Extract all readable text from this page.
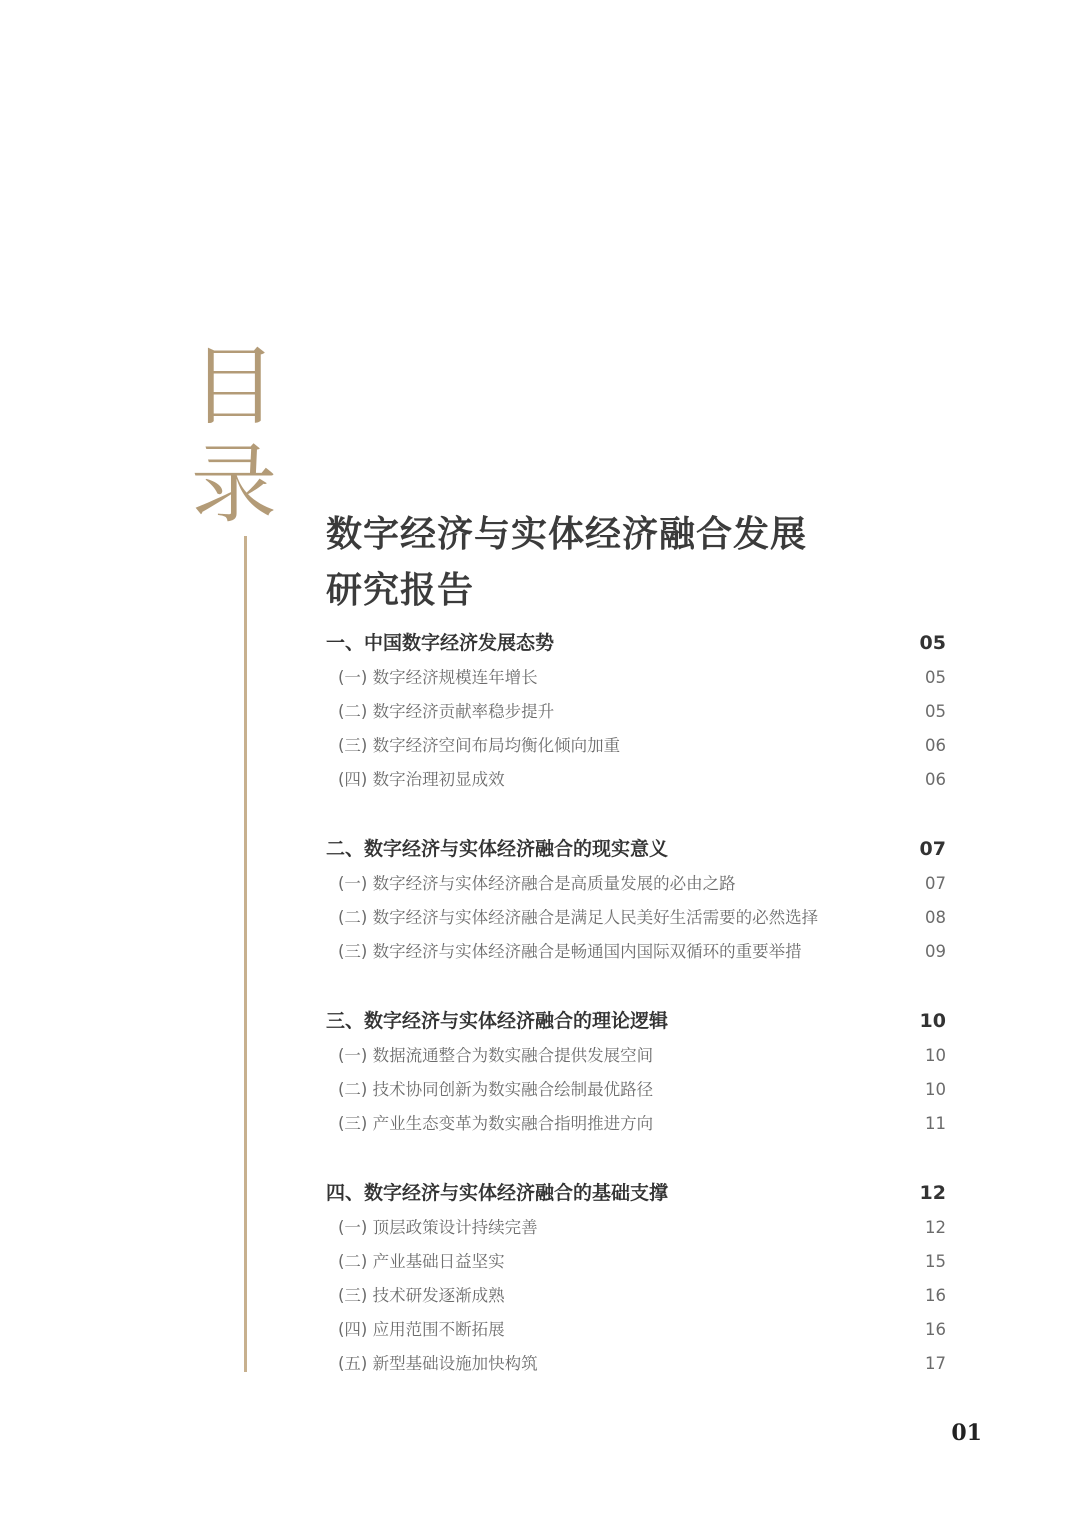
目
录 数字经济与实体经济融合发展
研究报告
一、中国数字经济发展态势 .....	05
(一) 数字经济规模连年增长 .....	05
(二) 数字经济贡献率稳步提升 .....	05
(三) 数字经济空间布局均衡化倾向加重 .....	06
(四) 数字治理初显成效 .....	06
二、数字经济与实体经济融合的现实意义 .....	07
(一) 数字经济与实体经济融合是高质量发展的必由之路 .....	07
(二) 数字经济与实体经济融合是满足人民美好生活需要的必然选择 .....	08
(三) 数字经济与实体经济融合是畅通国内国际双循环的重要举措 .....	09
三、数字经济与实体经济融合的理论逻辑 .....	10
(一) 数据流通整合为数实融合提供发展空间 .....	10
(二) 技术协同创新为数实融合绘制最优路径 .....	10
(三) 产业生态变革为数实融合指明推进方向 .....	11
四、数字经济与实体经济融合的基础支撑 .....	12
(一) 顶层政策设计持续完善 .....	12
(二) 产业基础日益坚实 .....	15
(三) 技术研发逐渐成熟 .....	16
(四) 应用范围不断拓展 .....	16
(五) 新型基础设施加快构筑 .....	17
01
